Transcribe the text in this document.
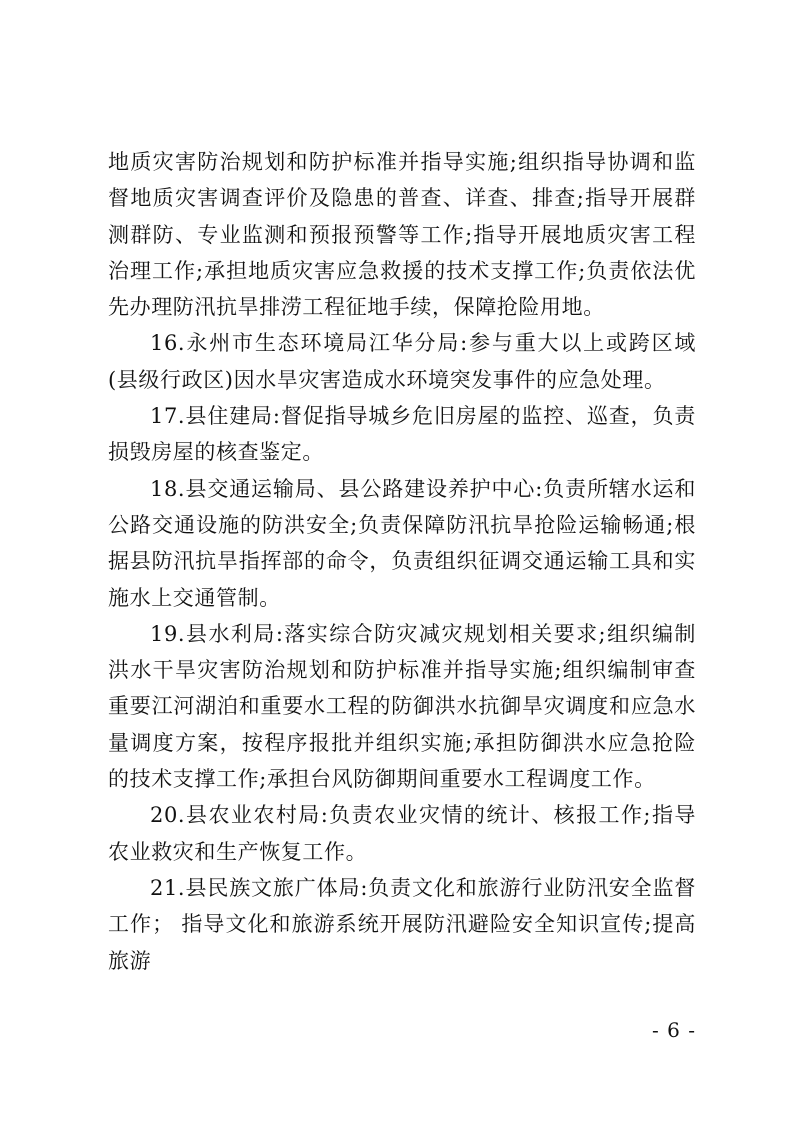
地质灾害防治规划和防护标准并指导实施;组织指导协调和监督地质灾害调查评价及隐患的普查、详查、排查;指导开展群测群防、专业监测和预报预警等工作;指导开展地质灾害工程治理工作;承担地质灾害应急救援的技术支撑工作;负责依法优先办理防汛抗旱排涝工程征地手续，保障抢险用地。

16.永州市生态环境局江华分局:参与重大以上或跨区域(县级行政区)因水旱灾害造成水环境突发事件的应急处理。

17.县住建局:督促指导城乡危旧房屋的监控、巡查，负责损毁房屋的核查鉴定。

18.县交通运输局、县公路建设养护中心:负责所辖水运和公路交通设施的防洪安全;负责保障防汛抗旱抢险运输畅通;根据县防汛抗旱指挥部的命令，负责组织征调交通运输工具和实施水上交通管制。

19.县水利局:落实综合防灾减灾规划相关要求;组织编制洪水干旱灾害防治规划和防护标准并指导实施;组织编制审查重要江河湖泊和重要水工程的防御洪水抗御旱灾调度和应急水量调度方案，按程序报批并组织实施;承担防御洪水应急抢险的技术支撑工作;承担台风防御期间重要水工程调度工作。

20.县农业农村局:负责农业灾情的统计、核报工作;指导农业救灾和生产恢复工作。

21.县民族文旅广体局:负责文化和旅游行业防汛安全监督工作； 指导文化和旅游系统开展防汛避险安全知识宣传;提高旅游

- 6 -
